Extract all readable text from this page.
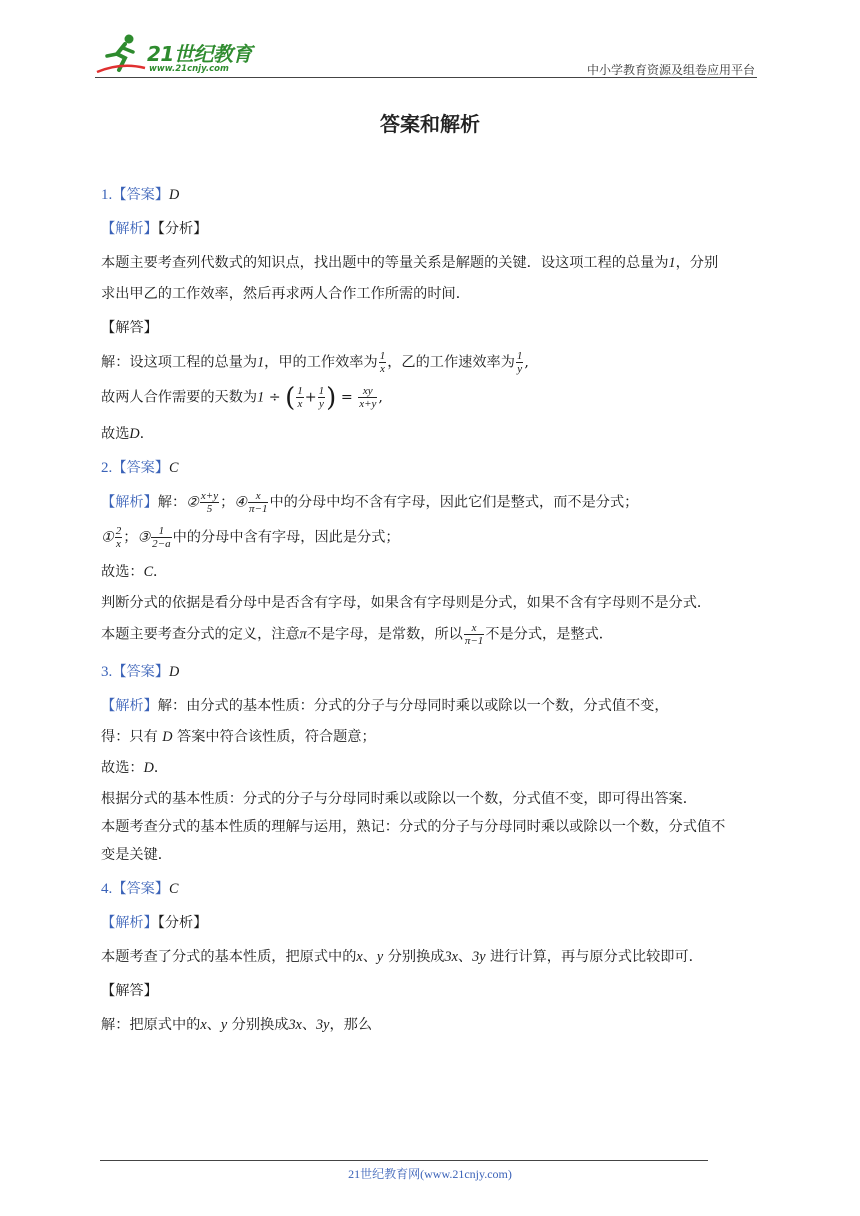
21世纪教育
www.21cnjy.com	中小学教育资源及组卷应用平台
答案和解析
1.【答案】D
【解析】【分析】
本题主要考查列代数式的知识点，找出题中的等量关系是解题的关键．设这项工程的总量为1，分别
求出甲乙的工作效率，然后再求两人合作工作所需的时间．
【解答】
解：设这项工程的总量为1，甲的工作效率为 $\frac{1}{x}$ ，乙的工作速效率为 $\frac{1}{y}$ ,
故两人合作需要的天数为1 ÷ ( $\frac{1}{x} + \frac{1}{y}$ ) = $\frac{xy}{x+y}$ ,
故选D.
2.【答案】C
【解析】解：② $\frac{x+y}{5}$ ；④ $\frac{x}{\pi-1}$ 中的分母中均不含有字母，因此它们是整式，而不是分式；
① $\frac{2}{x}$ ；③ $\frac{1}{2-a}$ 中的分母中含有字母，因此是分式；
故选：C．
判断分式的依据是看分母中是否含有字母，如果含有字母则是分式，如果不含有字母则不是分式．
本题主要考查分式的定义，注意π不是字母，是常数，所以 $\frac{x}{\pi-1}$ 不是分式，是整式．
3.【答案】D
【解析】解：由分式的基本性质：分式的分子与分母同时乘以或除以一个数，分式值不变，
得：只有 D 答案中符合该性质，符合题意；
故选：D．
根据分式的基本性质：分式的分子与分母同时乘以或除以一个数，分式值不变，即可得出答案．
本题考查分式的基本性质的理解与运用，熟记：分式的分子与分母同时乘以或除以一个数，分式值不
变是关键．
4.【答案】C
【解析】【分析】
本题考查了分式的基本性质，把原式中的x、y 分别换成3x、3y 进行计算，再与原分式比较即可．
【解答】
解：把原式中的x、y 分别换成3x、3y，那么
21世纪教育网(www.21cnjy.com)
